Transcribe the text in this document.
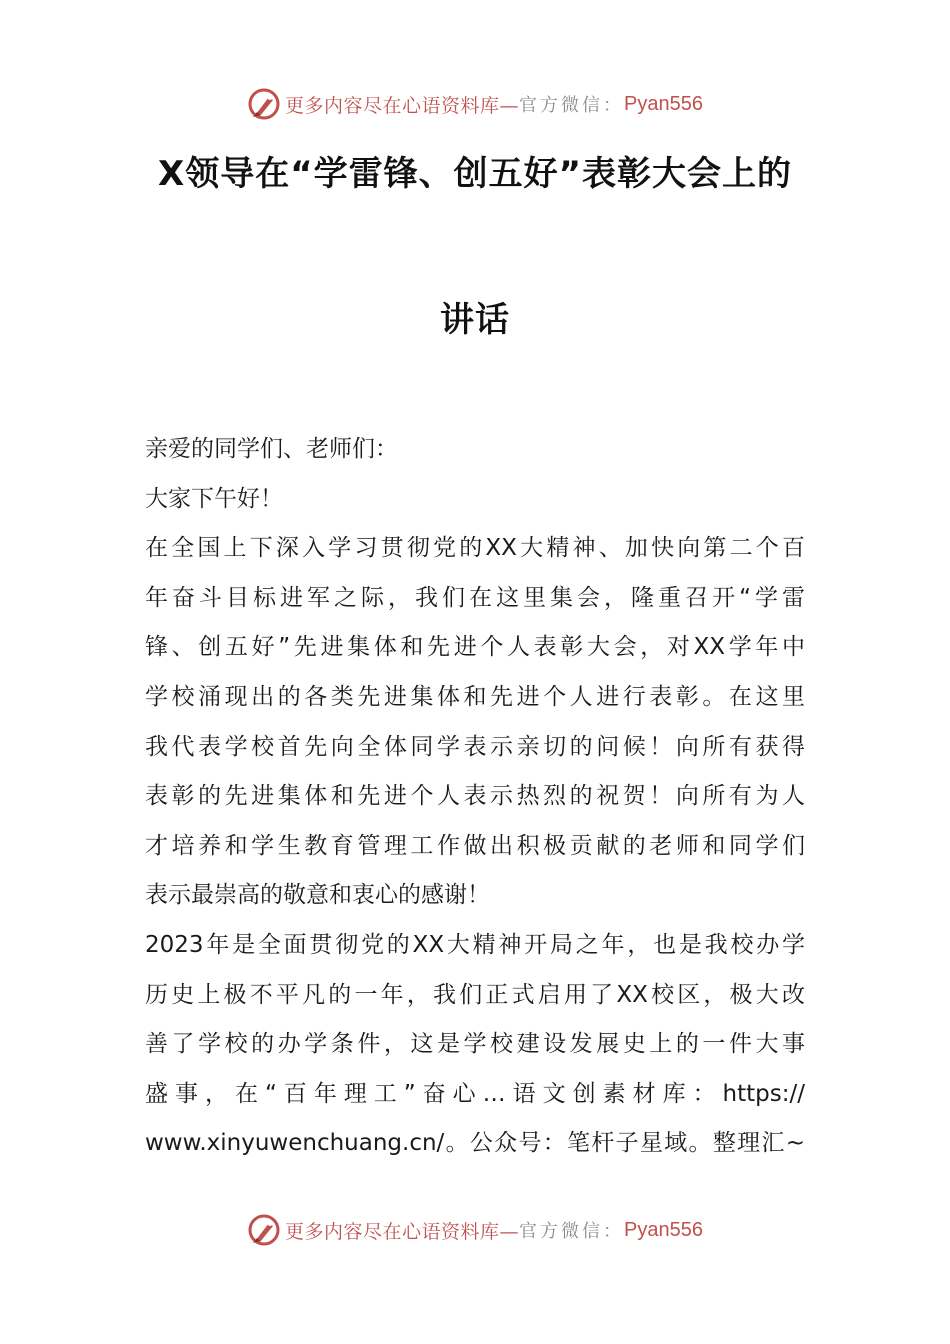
更多内容尽在心语资料库— 官方微信： Pyan556
X领导在“学雷锋、创五好”表彰大会上的
讲话
亲爱的同学们、老师们：
大家下午好！
在全国上下深入学习贯彻党的XX大精神、加快向第二个百
年奋斗目标进军之际，我们在这里集会，隆重召开“学雷
锋、创五好”先进集体和先进个人表彰大会，对XX学年中
学校涌现出的各类先进集体和先进个人进行表彰。在这里
我代表学校首先向全体同学表示亲切的问候！向所有获得
表彰的先进集体和先进个人表示热烈的祝贺！向所有为人
才培养和学生教育管理工作做出积极贡献的老师和同学们
表示最崇高的敬意和衷心的感谢！
2023年是全面贯彻党的XX大精神开局之年，也是我校办学
历史上极不平凡的一年，我们正式启用了XX校区，极大改
善了学校的办学条件，这是学校建设发展史上的一件大事
盛事，在“百年理工”奋心…语文创素材库：https://
www.xinyuwenchuang.cn/。公众号：笔杆子星域。整理汇~
更多内容尽在心语资料库— 官方微信： Pyan556
